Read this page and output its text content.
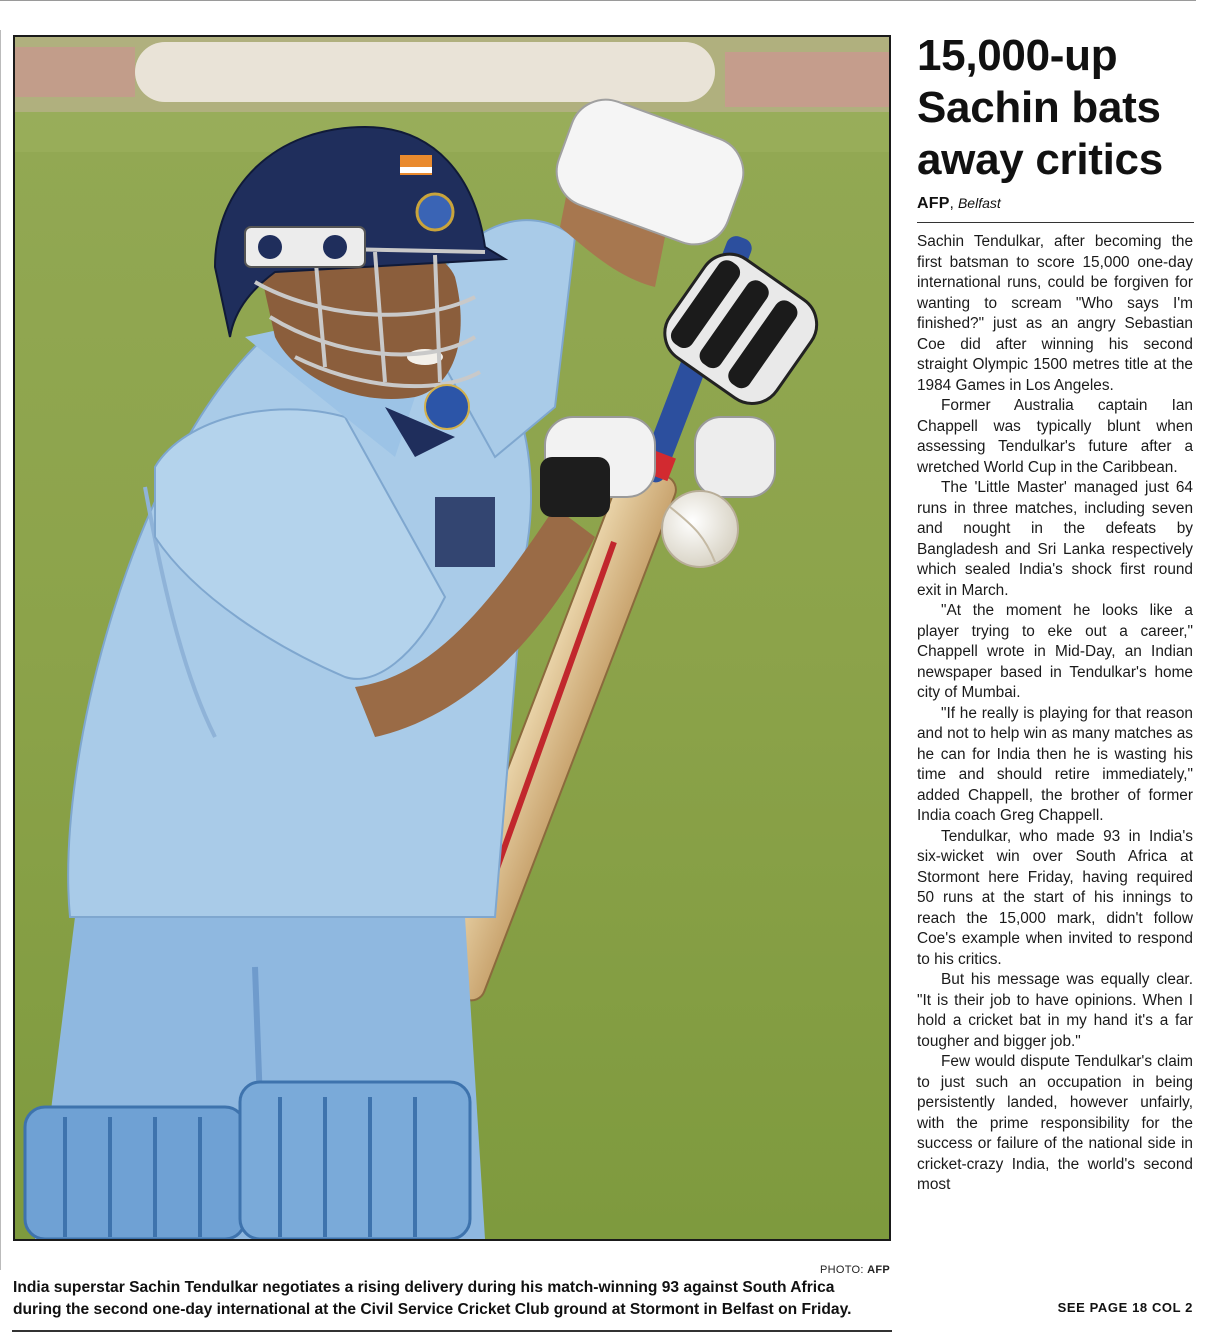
PHOTO: AFP
India superstar Sachin Tendulkar negotiates a rising delivery during his match-winning 93 against South Africa
during the second one-day international at the Civil Service Cricket Club ground at Stormont in Belfast on Friday.
15,000-up
Sachin bats
away critics
AFP, Belfast

Sachin Tendulkar, after becoming the first batsman to score 15,000 one-day international runs, could be forgiven for wanting to scream "Who says I'm finished?" just as an angry Sebastian Coe did after winning his second straight Olympic 1500 metres title at the 1984 Games in Los Angeles.

Former Australia captain Ian Chappell was typically blunt when assessing Tendulkar's future after a wretched World Cup in the Caribbean.

The 'Little Master' managed just 64 runs in three matches, including seven and nought in the defeats by Bangladesh and Sri Lanka respectively which sealed India's shock first round exit in March.

"At the moment he looks like a player trying to eke out a career," Chappell wrote in Mid-Day, an Indian newspaper based in Tendulkar's home city of Mumbai.

"If he really is playing for that reason and not to help win as many matches as he can for India then he is wasting his time and should retire immediately," added Chappell, the brother of former India coach Greg Chappell.

Tendulkar, who made 93 in India's six-wicket win over South Africa at Stormont here Friday, having required 50 runs at the start of his innings to reach the 15,000 mark, didn't follow Coe's example when invited to respond to his critics.

But his message was equally clear. "It is their job to have opinions. When I hold a cricket bat in my hand it's a far tougher and bigger job."

Few would dispute Tendulkar's claim to just such an occupation in being persistently landed, however unfairly, with the prime responsibility for the success or failure of the national side in cricket-crazy India, the world's second most

SEE PAGE 18 COL 2
